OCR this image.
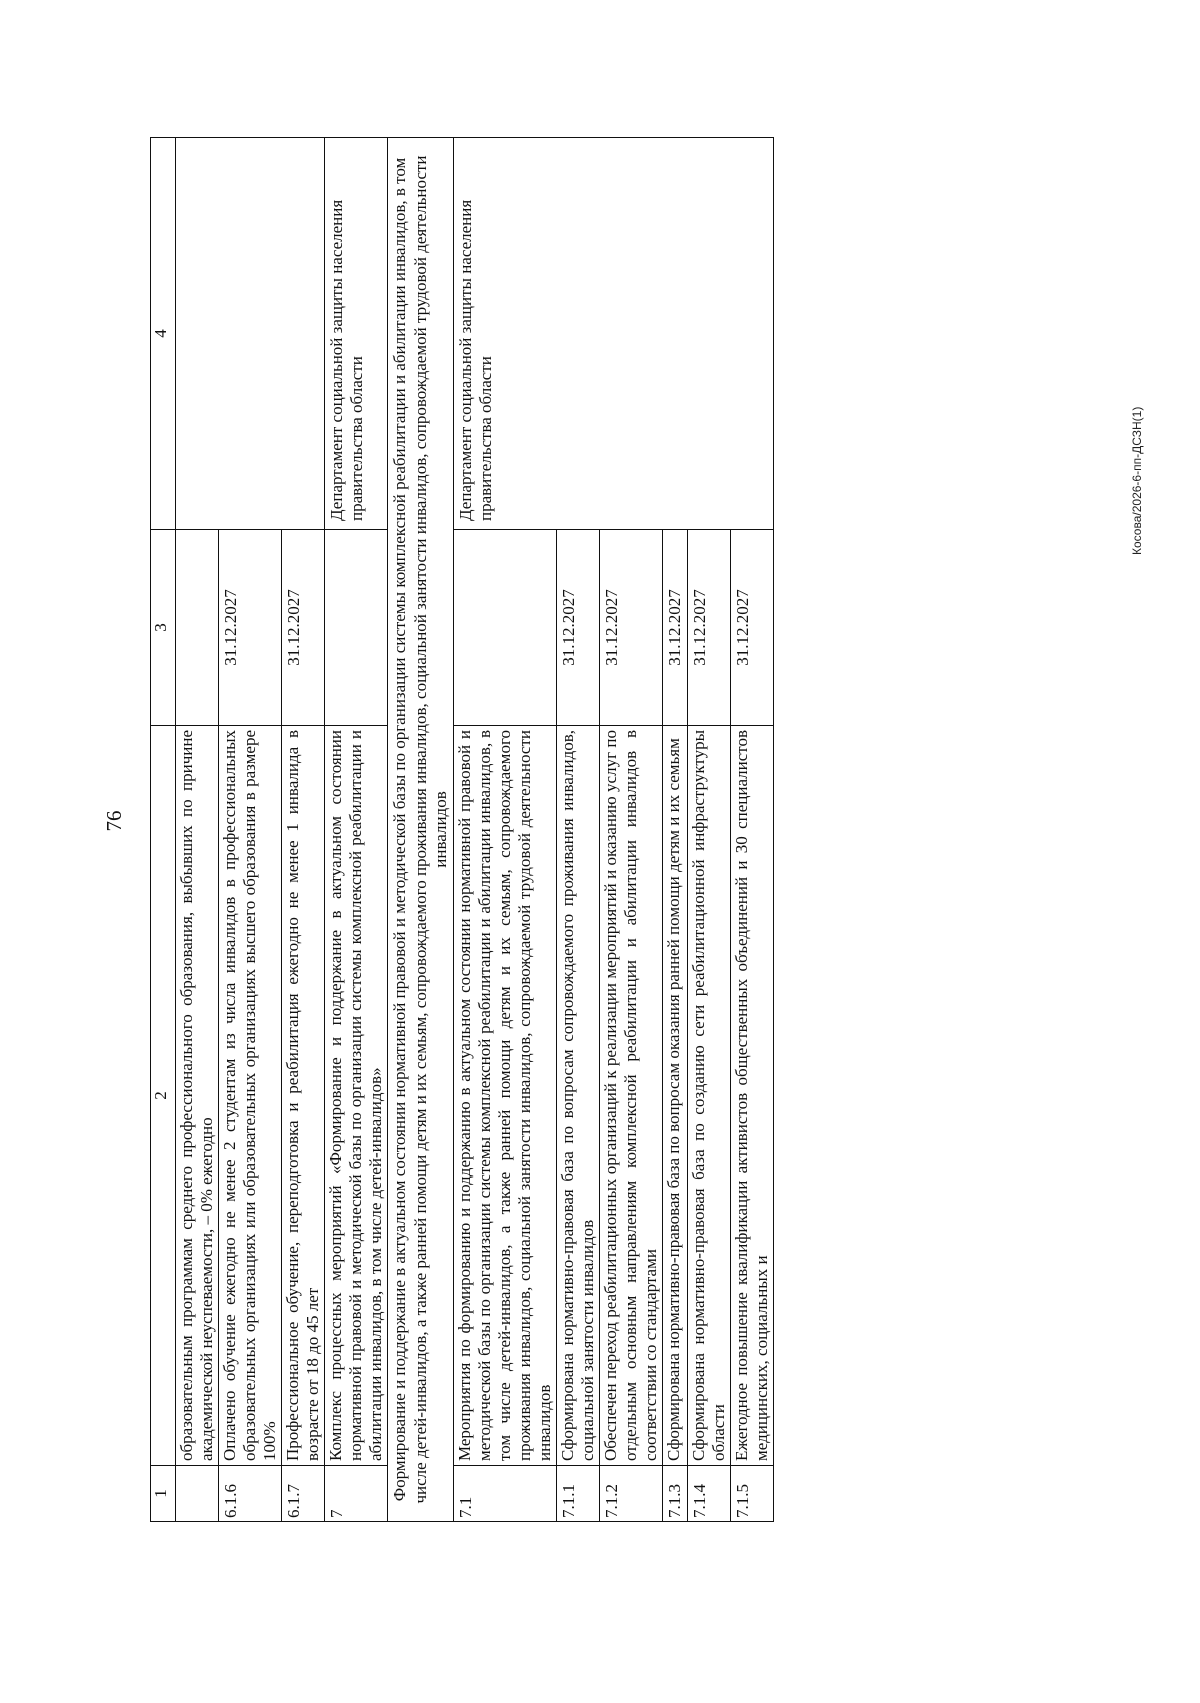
76
Косова/2026-6-пп-ДСЗН(1)
1	2	3	4
	образовательным программам среднего профессионального образования, выбывших по причине академической неуспеваемости, – 0% ежегодно		
6.1.6	Оплачено обучение ежегодно не менее 2 студентам из числа инвалидов в профессиональных образовательных организациях или образовательных организациях высшего образования в размере 100%	31.12.2027	
6.1.7	Профессиональное обучение, переподготовка и реабилитация ежегодно не менее 1 инвалида в возрасте от 18 до 45 лет	31.12.2027	
7	Комплекс процессных мероприятий «Формирование и поддержание в актуальном состоянии нормативной правовой и методической базы по организации системы комплексной реабилитации и абилитации инвалидов, в том числе детей-инвалидов»		Департамент социальной защиты населения правительства области
Формирование и поддержание в актуальном состоянии нормативной правовой и методической базы по организации системы комплексной реабилитации и абилитации инвалидов, в том числе детей-инвалидов, а также ранней помощи детям и их семьям, сопровождаемого проживания инвалидов, социальной занятости инвалидов, сопровождаемой трудовой деятельности инвалидов			
7.1	Мероприятия по формированию и поддержанию в актуальном состоянии нормативной правовой и методической базы по организации системы комплексной реабилитации и абилитации инвалидов, в том числе детей-инвалидов, а также ранней помощи детям и их семьям, сопровождаемого проживания инвалидов, социальной занятости инвалидов, сопровождаемой трудовой деятельности инвалидов		Департамент социальной защиты населения правительства области
7.1.1	Сформирована нормативно-правовая база по вопросам сопровождаемого проживания инвалидов, социальной занятости инвалидов	31.12.2027	
7.1.2	Обеспечен переход реабилитационных организаций к реализации мероприятий и оказанию услуг по отдельным основным направлениям комплексной реабилитации и абилитации инвалидов в соответствии со стандартами	31.12.2027	
7.1.3	Сформирована нормативно-правовая база по вопросам оказания ранней помощи детям и их семьям	31.12.2027	
7.1.4	Сформирована нормативно-правовая база по созданию сети реабилитационной инфраструктуры области	31.12.2027	
7.1.5	Ежегодное повышение квалификации активистов общественных объединений и 30 специалистов медицинских, социальных и	31.12.2027	
